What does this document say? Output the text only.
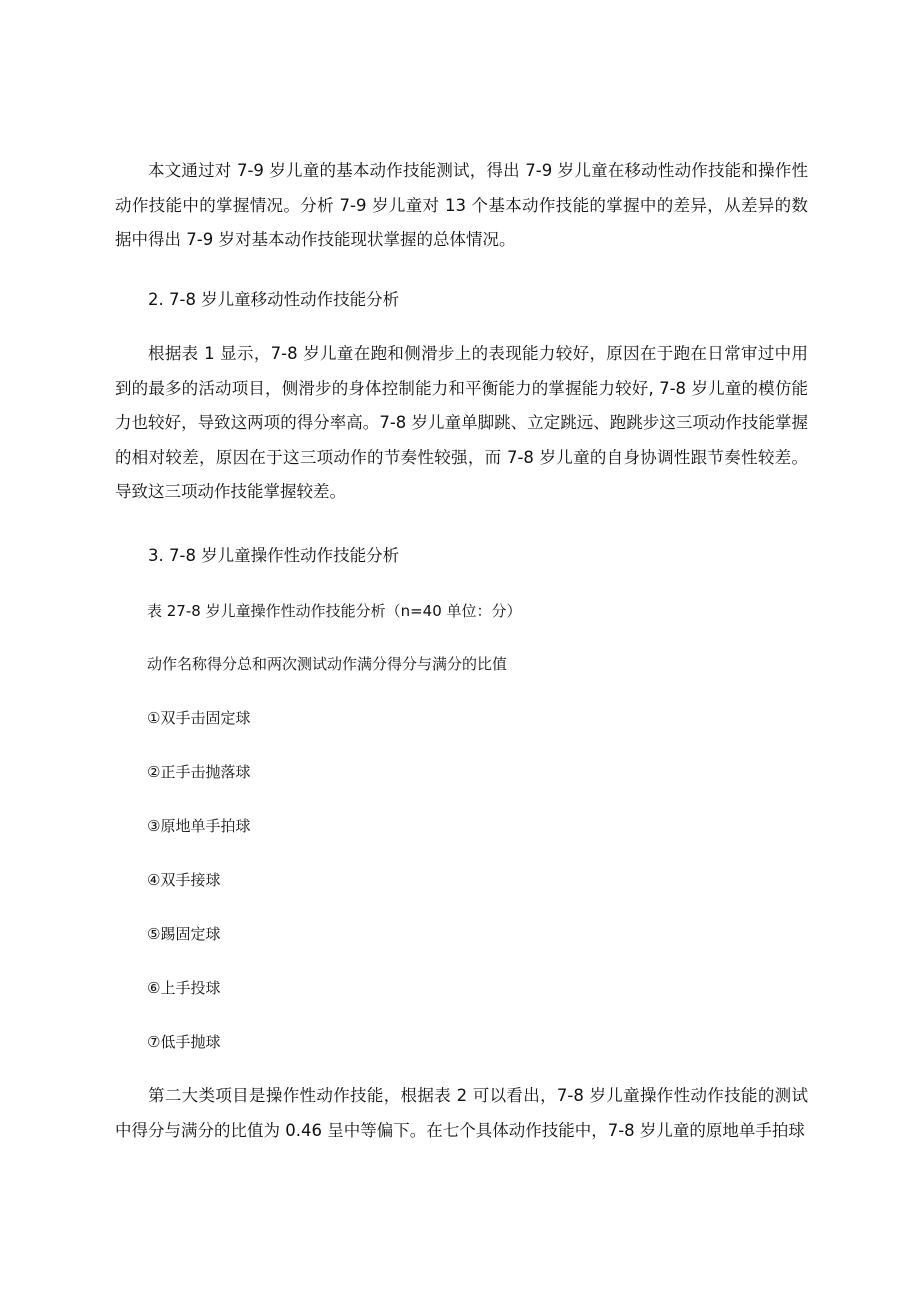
本文通过对 7-9 岁儿童的基本动作技能测试，得出 7-9 岁儿童在移动性动作技能和操作性动作技能中的掌握情况。分析 7-9 岁儿童对 13 个基本动作技能的掌握中的差异，从差异的数据中得出 7-9 岁对基本动作技能现状掌握的总体情况。

2. 7-8 岁儿童移动性动作技能分析

根据表 1 显示，7-8 岁儿童在跑和侧滑步上的表现能力较好，原因在于跑在日常审过中用到的最多的活动项目，侧滑步的身体控制能力和平衡能力的掌握能力较好, 7-8 岁儿童的模仿能力也较好，导致这两项的得分率高。7-8 岁儿童单脚跳、立定跳远、跑跳步这三项动作技能掌握的相对较差，原因在于这三项动作的节奏性较强，而 7-8 岁儿童的自身协调性跟节奏性较差。导致这三项动作技能掌握较差。

3. 7-8 岁儿童操作性动作技能分析

表 27-8 岁儿童操作性动作技能分析（n=40 单位：分）

动作名称得分总和两次测试动作满分得分与满分的比值

①双手击固定球

②正手击抛落球

③原地单手拍球

④双手接球

⑤踢固定球

⑥上手投球

⑦低手抛球

第二大类项目是操作性动作技能，根据表 2 可以看出，7-8 岁儿童操作性动作技能的测试中得分与满分的比值为 0.46 呈中等偏下。在七个具体动作技能中，7-8 岁儿童的原地单手拍球
